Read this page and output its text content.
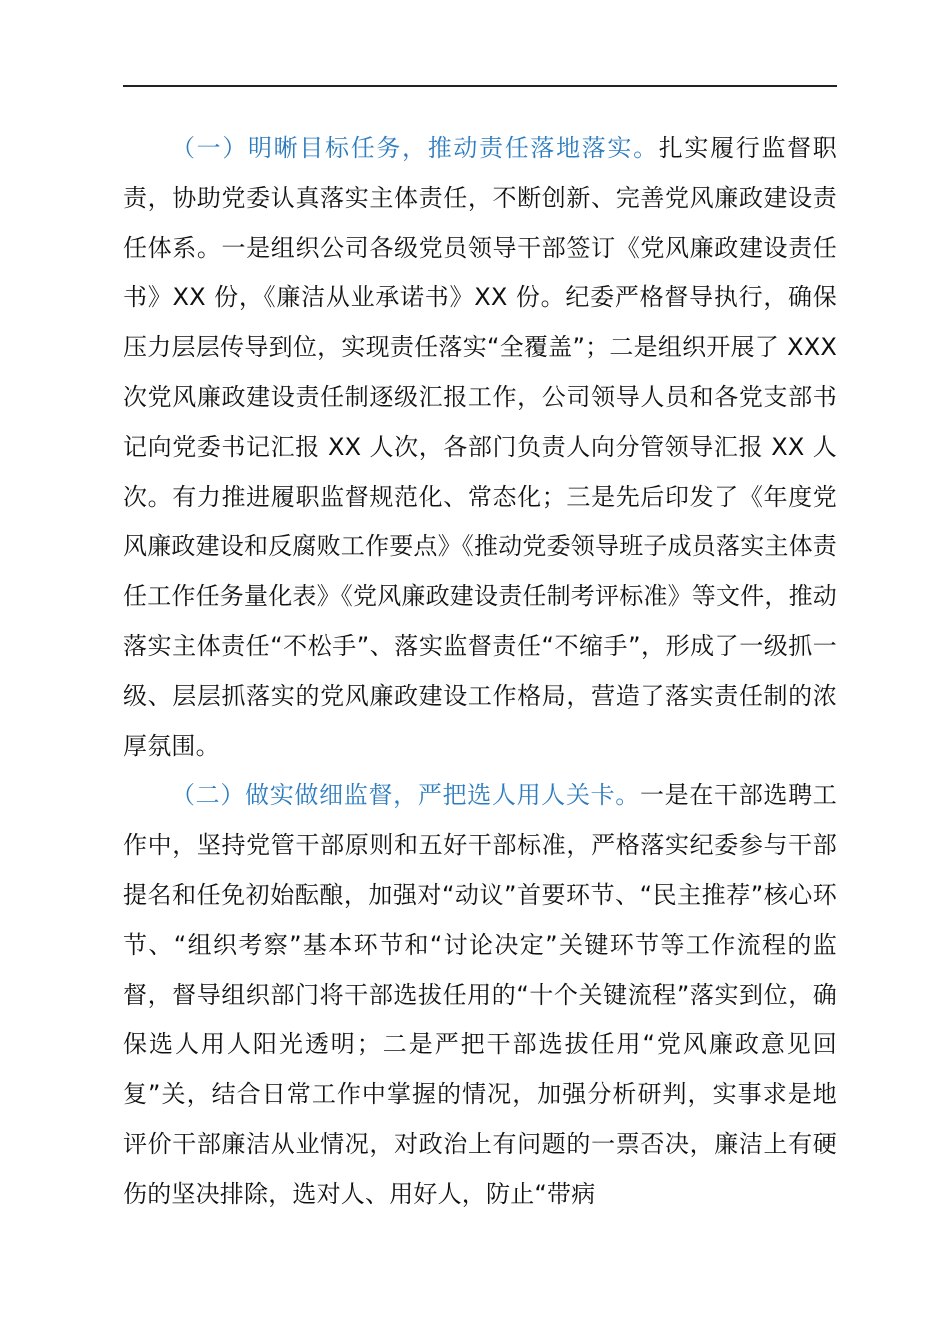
（一）明晰目标任务，推动责任落地落实。扎实履行监督职责，协助党委认真落实主体责任，不断创新、完善党风廉政建设责任体系。一是组织公司各级党员领导干部签订《党风廉政建设责任书》XX 份，《廉洁从业承诺书》XX 份。纪委严格督导执行，确保压力层层传导到位，实现责任落实“全覆盖”；二是组织开展了 XXX 次党风廉政建设责任制逐级汇报工作，公司领导人员和各党支部书记向党委书记汇报 XX 人次，各部门负责人向分管领导汇报 XX 人次。有力推进履职监督规范化、常态化；三是先后印发了《年度党风廉政建设和反腐败工作要点》《推动党委领导班子成员落实主体责任工作任务量化表》《党风廉政建设责任制考评标准》等文件，推动落实主体责任“不松手”、落实监督责任“不缩手”，形成了一级抓一级、层层抓落实的党风廉政建设工作格局，营造了落实责任制的浓厚氛围。

（二）做实做细监督，严把选人用人关卡。一是在干部选聘工作中，坚持党管干部原则和五好干部标准，严格落实纪委参与干部提名和任免初始酝酿，加强对“动议”首要环节、“民主推荐”核心环节、“组织考察”基本环节和“讨论决定”关键环节等工作流程的监督，督导组织部门将干部选拔任用的“十个关键流程”落实到位，确保选人用人阳光透明；二是严把干部选拔任用“党风廉政意见回复”关，结合日常工作中掌握的情况，加强分析研判，实事求是地评价干部廉洁从业情况，对政治上有问题的一票否决，廉洁上有硬伤的坚决排除，选对人、用好人，防止“带病
